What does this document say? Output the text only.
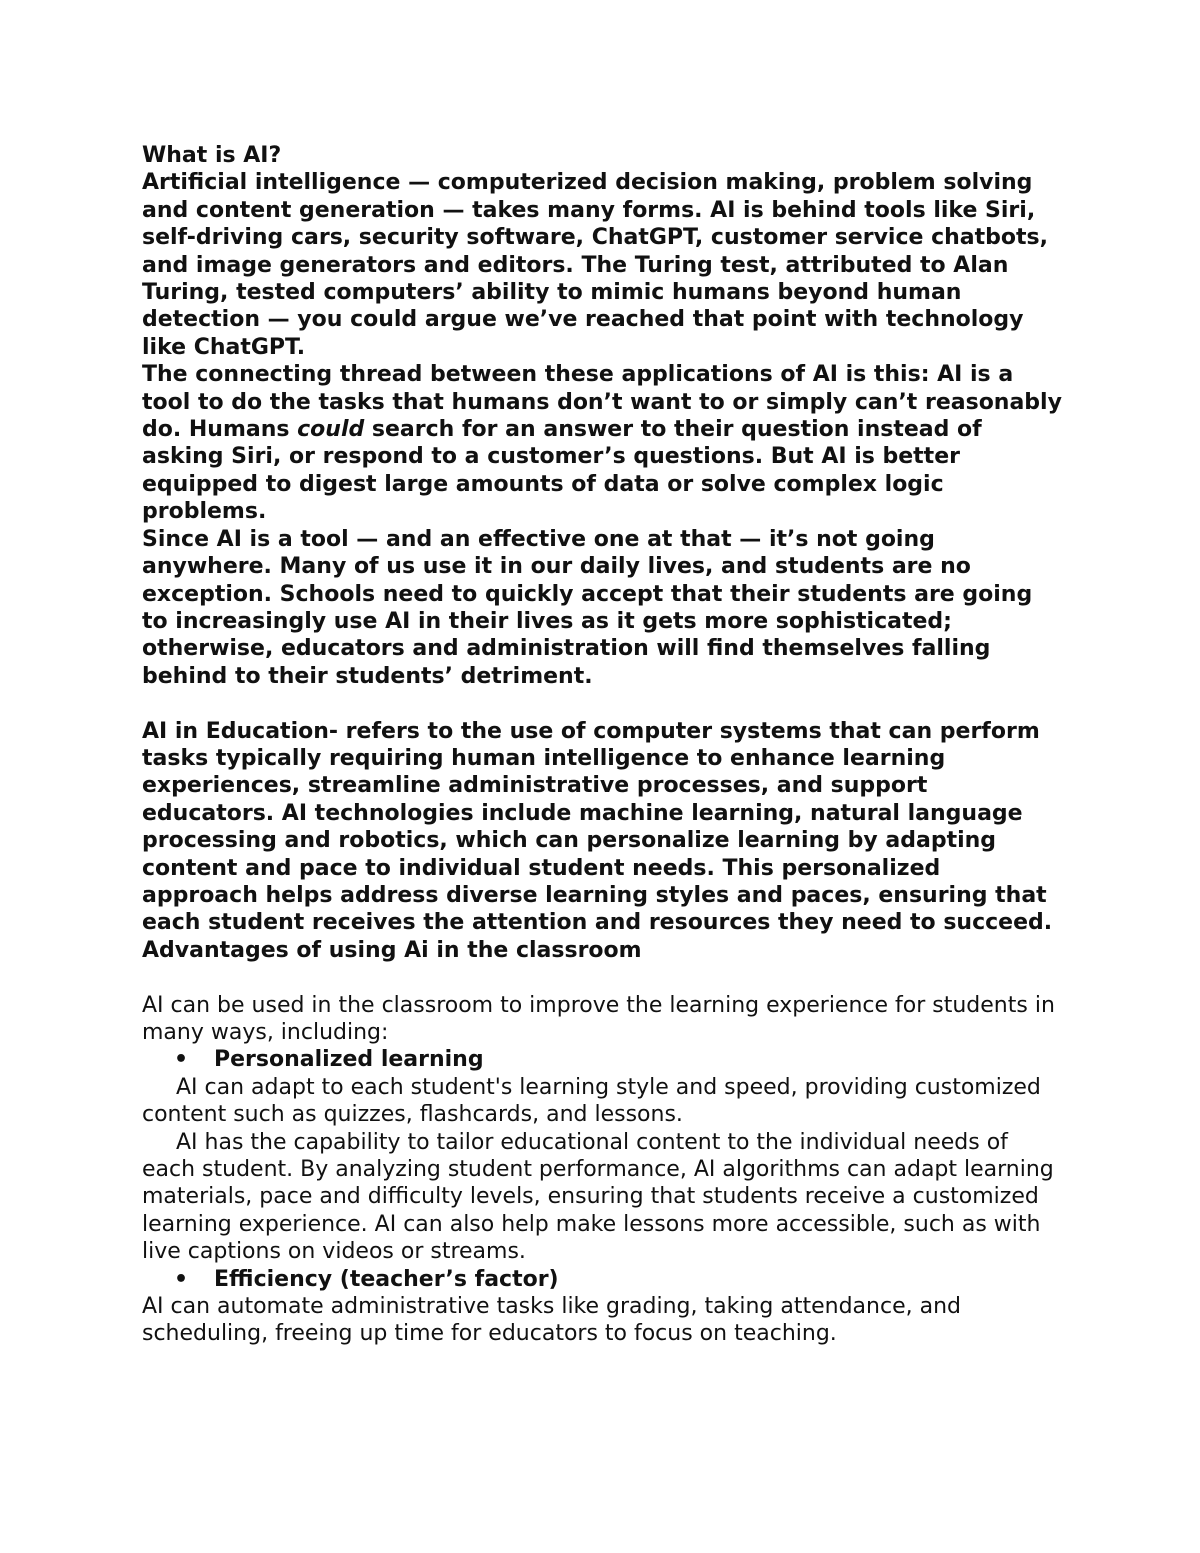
What is AI?

Artificial intelligence — computerized decision making, problem solving and content generation — takes many forms. AI is behind tools like Siri, self-driving cars, security software, ChatGPT, customer service chatbots, and image generators and editors. The Turing test, attributed to Alan Turing, tested computers’ ability to mimic humans beyond human detection — you could argue we’ve reached that point with technology like ChatGPT.

The connecting thread between these applications of AI is this: AI is a tool to do the tasks that humans don’t want to or simply can’t reasonably do. Humans could search for an answer to their question instead of asking Siri, or respond to a customer’s questions. But AI is better equipped to digest large amounts of data or solve complex logic problems.

Since AI is a tool — and an effective one at that — it’s not going anywhere. Many of us use it in our daily lives, and students are no exception. Schools need to quickly accept that their students are going to increasingly use AI in their lives as it gets more sophisticated; otherwise, educators and administration will find themselves falling behind to their students’ detriment.

AI in Education- refers to the use of computer systems that can perform tasks typically requiring human intelligence to enhance learning experiences, streamline administrative processes, and support educators. AI technologies include machine learning, natural language processing and robotics, which can personalize learning by adapting content and pace to individual student needs. This personalized approach helps address diverse learning styles and paces, ensuring that each student receives the attention and resources they need to succeed.

Advantages of using Ai in the classroom

AI can be used in the classroom to improve the learning experience for students in many ways, including:

• Personalized learning

AI can adapt to each student's learning style and speed, providing customized content such as quizzes, flashcards, and lessons.

AI has the capability to tailor educational content to the individual needs of each student. By analyzing student performance, AI algorithms can adapt learning materials, pace and difficulty levels, ensuring that students receive a customized learning experience. AI can also help make lessons more accessible, such as with live captions on videos or streams.

• Efficiency (teacher’s factor)

AI can automate administrative tasks like grading, taking attendance, and scheduling, freeing up time for educators to focus on teaching.
